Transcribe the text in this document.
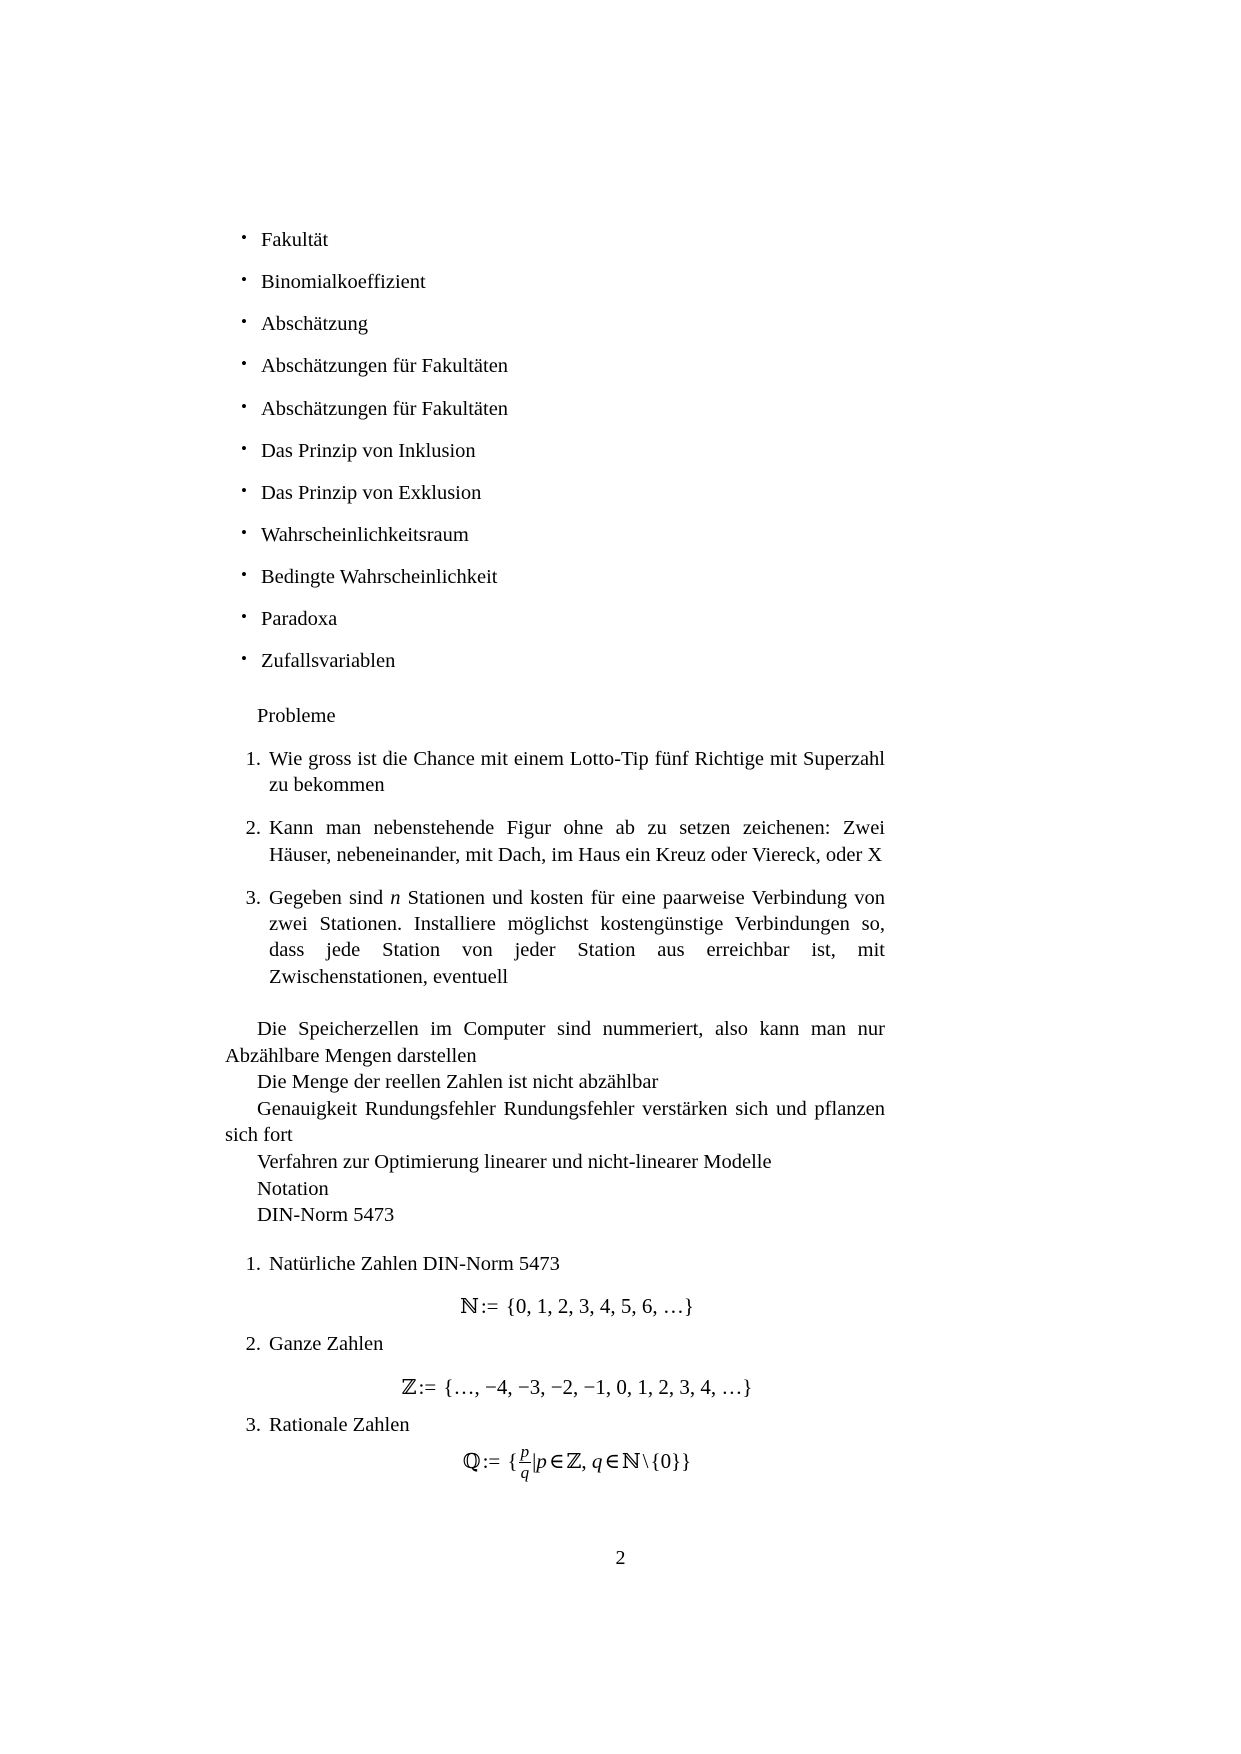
• Fakultät
• Binomialkoeffizient
• Abschätzung
• Abschätzungen für Fakultäten
• Abschätzungen für Fakultäten
• Das Prinzip von Inklusion
• Das Prinzip von Exklusion
• Wahrscheinlichkeitsraum
• Bedingte Wahrscheinlichkeit
• Paradoxa
• Zufallsvariablen

Probleme

Wie gross ist die Chance mit einem Lotto-Tip fünf Richtige mit Superzahl zu bekommen
Kann man nebenstehende Figur ohne ab zu setzen zeichenen: Zwei Häuser, nebeneinander, mit Dach, im Haus ein Kreuz oder Viereck, oder X
Gegeben sind n Stationen und kosten für eine paarweise Verbindung von zwei Stationen. Installiere möglichst kostengünstige Verbindungen so, dass jede Station von jeder Station aus erreichbar ist, mit Zwischenstationen, eventuell

Die Speicherzellen im Computer sind nummeriert, also kann man nur Abzählbare Mengen darstellen

Die Menge der reellen Zahlen ist nicht abzählbar

Genauigkeit Rundungsfehler Rundungsfehler verstärken sich und pflanzen sich fort

Verfahren zur Optimierung linearer und nicht-linearer Modelle

Notation

DIN-Norm 5473

Natürliche Zahlen DIN-Norm 5473
ℕ:= {0, 1, 2, 3, 4, 5, 6, …}
Ganze Zahlen
ℤ:= {…, −4, −3, −2, −1, 0, 1, 2, 3, 4, …}
Rationale Zahlen
ℚ:= { $\frac{p}{q}$ |p∈ℤ, q∈ℕ\{0}}
2
